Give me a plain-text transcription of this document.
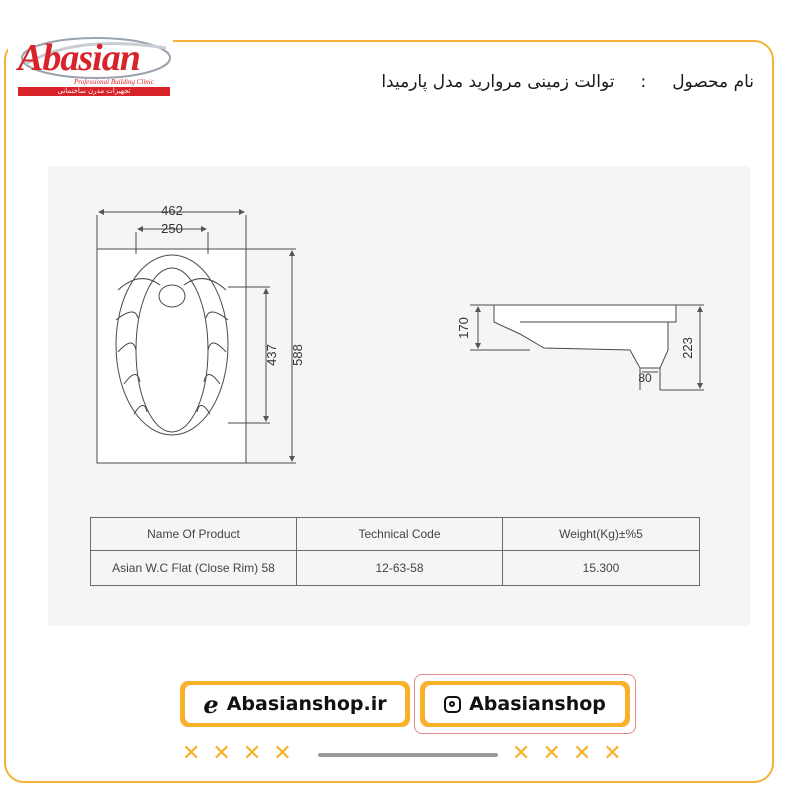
Abasian
Professional Building Clinic
تجهیزات مدرن ساختمانی	نام محصول:توالت زمینی مروارید مدل پارمیدا
462
250
437 588
170
223
80
Name Of Product	Technical Code	Weight(Kg)±%5
Asian W.C Flat (Close Rim) 58	12-63-58	15.300
e Abasianshop.ir	Abasianshop
✕✕✕✕	✕✕✕✕
